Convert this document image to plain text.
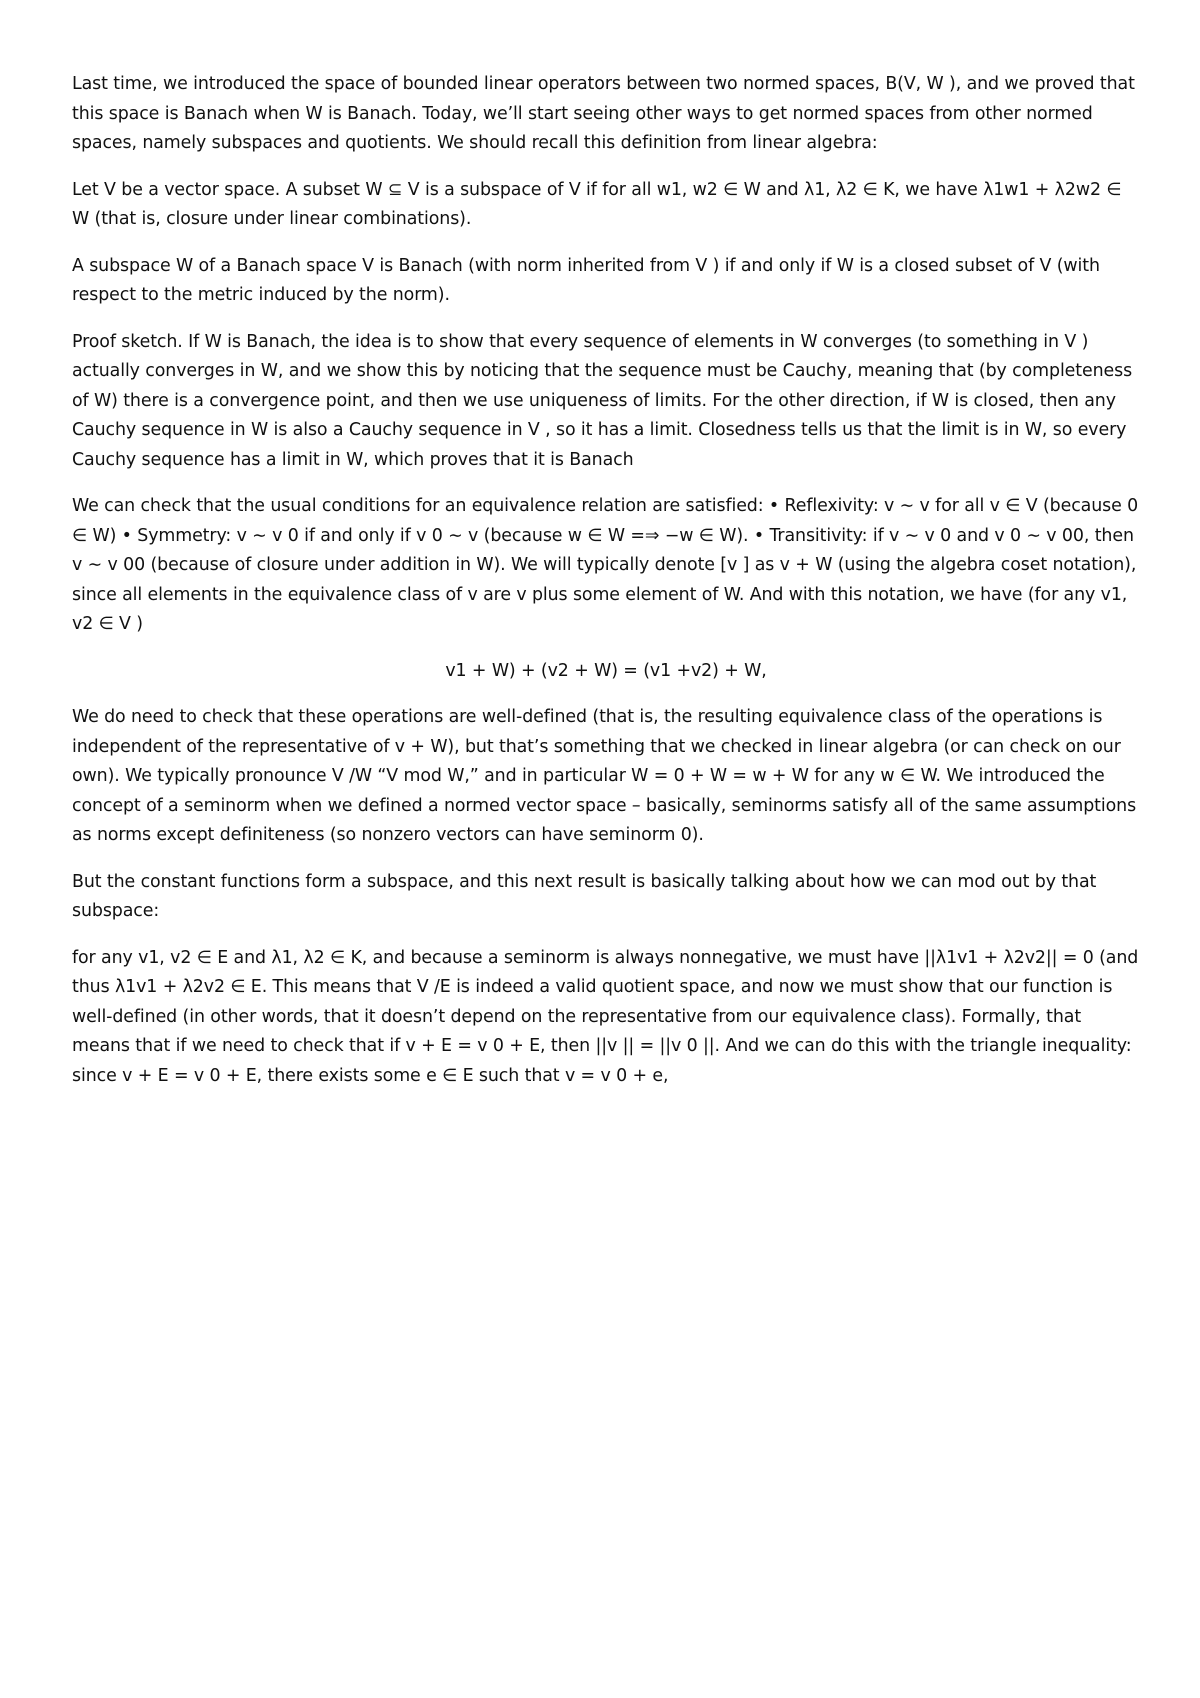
Last time, we introduced the space of bounded linear operators between two normed spaces, B(V, W ), and we proved that this space is Banach when W is Banach. Today, we’ll start seeing other ways to get normed spaces from other normed spaces, namely subspaces and quotients. We should recall this definition from linear algebra:

Let V be a vector space. A subset W ⊆ V is a subspace of V if for all w1, w2 ∈ W and λ1, λ2 ∈ K, we have λ1w1 + λ2w2 ∈ W (that is, closure under linear combinations).

A subspace W of a Banach space V is Banach (with norm inherited from V ) if and only if W is a closed subset of V (with respect to the metric induced by the norm).

Proof sketch. If W is Banach, the idea is to show that every sequence of elements in W converges (to something in V ) actually converges in W, and we show this by noticing that the sequence must be Cauchy, meaning that (by completeness of W) there is a convergence point, and then we use uniqueness of limits. For the other direction, if W is closed, then any Cauchy sequence in W is also a Cauchy sequence in V , so it has a limit. Closedness tells us that the limit is in W, so every Cauchy sequence has a limit in W, which proves that it is Banach

We can check that the usual conditions for an equivalence relation are satisfied: • Reflexivity: v ∼ v for all v ∈ V (because 0 ∈ W) • Symmetry: v ∼ v 0 if and only if v 0 ∼ v (because w ∈ W =⇒ −w ∈ W). • Transitivity: if v ∼ v 0 and v 0 ∼ v 00, then v ∼ v 00 (because of closure under addition in W). We will typically denote [v ] as v + W (using the algebra coset notation), since all elements in the equivalence class of v are v plus some element of W. And with this notation, we have (for any v1, v2 ∈ V )

v1 + W) + (v2 + W) = (v1 +v2) + W,

We do need to check that these operations are well-defined (that is, the resulting equivalence class of the operations is independent of the representative of v + W), but that’s something that we checked in linear algebra (or can check on our own). We typically pronounce V /W “V mod W,” and in particular W = 0 + W = w + W for any w ∈ W. We introduced the concept of a seminorm when we defined a normed vector space – basically, seminorms satisfy all of the same assumptions as norms except definiteness (so nonzero vectors can have seminorm 0).

But the constant functions form a subspace, and this next result is basically talking about how we can mod out by that subspace:

for any v1, v2 ∈ E and λ1, λ2 ∈ K, and because a seminorm is always nonnegative, we must have ||λ1v1 + λ2v2|| = 0 (and thus λ1v1 + λ2v2 ∈ E. This means that V /E is indeed a valid quotient space, and now we must show that our function is well-defined (in other words, that it doesn’t depend on the representative from our equivalence class). Formally, that means that if we need to check that if v + E = v 0 + E, then ||v || = ||v 0 ||. And we can do this with the triangle inequality: since v + E = v 0 + E, there exists some e ∈ E such that v = v 0 + e,
